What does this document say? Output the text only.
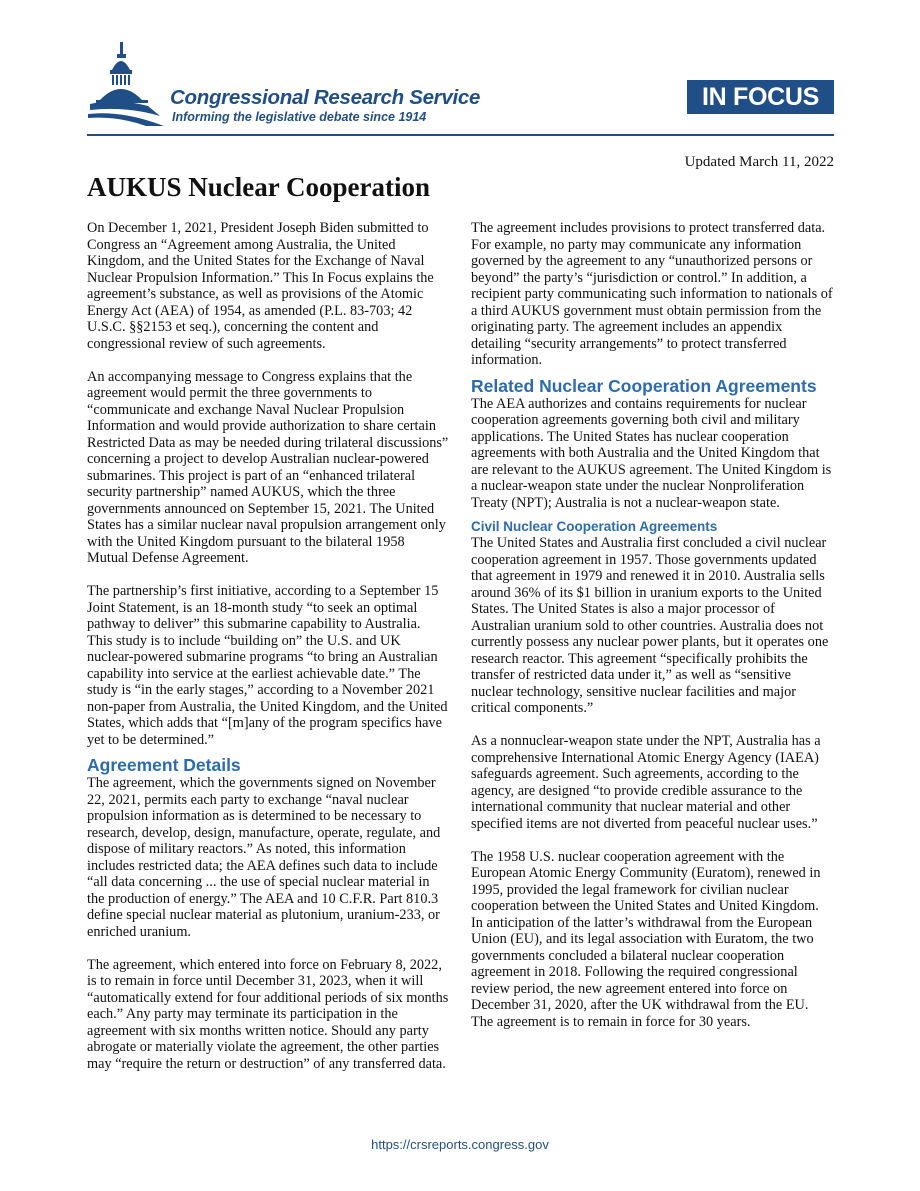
Congressional Research Service
Informing the legislative debate since 1914
IN FOCUS
Updated March 11, 2022
AUKUS Nuclear Cooperation

On December 1, 2021, President Joseph Biden submitted to Congress an “Agreement among Australia, the United Kingdom, and the United States for the Exchange of Naval Nuclear Propulsion Information.” This In Focus explains the agreement’s substance, as well as provisions of the Atomic Energy Act (AEA) of 1954, as amended (P.L. 83-703; 42 U.S.C. §§2153 et seq.), concerning the content and congressional review of such agreements.

An accompanying message to Congress explains that the agreement would permit the three governments to “communicate and exchange Naval Nuclear Propulsion Information and would provide authorization to share certain Restricted Data as may be needed during trilateral discussions” concerning a project to develop Australian nuclear-powered submarines. This project is part of an “enhanced trilateral security partnership” named AUKUS, which the three governments announced on September 15, 2021. The United States has a similar nuclear naval propulsion arrangement only with the United Kingdom pursuant to the bilateral 1958 Mutual Defense Agreement.

The partnership’s first initiative, according to a September 15 Joint Statement, is an 18-month study “to seek an optimal pathway to deliver” this submarine capability to Australia. This study is to include “building on” the U.S. and UK nuclear-powered submarine programs “to bring an Australian capability into service at the earliest achievable date.” The study is “in the early stages,” according to a November 2021 non-paper from Australia, the United Kingdom, and the United States, which adds that “[m]any of the program specifics have yet to be determined.”

Agreement Details

The agreement, which the governments signed on November 22, 2021, permits each party to exchange “naval nuclear propulsion information as is determined to be necessary to research, develop, design, manufacture, operate, regulate, and dispose of military reactors.” As noted, this information includes restricted data; the AEA defines such data to include “all data concerning ... the use of special nuclear material in the production of energy.” The AEA and 10 C.F.R. Part 810.3 define special nuclear material as plutonium, uranium-233, or enriched uranium.

The agreement, which entered into force on February 8, 2022, is to remain in force until December 31, 2023, when it will “automatically extend for four additional periods of six months each.” Any party may terminate its participation in the agreement with six months written notice. Should any party abrogate or materially violate the agreement, the other parties may “require the return or destruction” of any transferred data.

The agreement includes provisions to protect transferred data. For example, no party may communicate any information governed by the agreement to any “unauthorized persons or beyond” the party’s “jurisdiction or control.” In addition, a recipient party communicating such information to nationals of a third AUKUS government must obtain permission from the originating party. The agreement includes an appendix detailing “security arrangements” to protect transferred information.

Related Nuclear Cooperation Agreements

The AEA authorizes and contains requirements for nuclear cooperation agreements governing both civil and military applications. The United States has nuclear cooperation agreements with both Australia and the United Kingdom that are relevant to the AUKUS agreement. The United Kingdom is a nuclear-weapon state under the nuclear Nonproliferation Treaty (NPT); Australia is not a nuclear-weapon state.

Civil Nuclear Cooperation Agreements

The United States and Australia first concluded a civil nuclear cooperation agreement in 1957. Those governments updated that agreement in 1979 and renewed it in 2010. Australia sells around 36% of its $1 billion in uranium exports to the United States. The United States is also a major processor of Australian uranium sold to other countries. Australia does not currently possess any nuclear power plants, but it operates one research reactor. This agreement “specifically prohibits the transfer of restricted data under it,” as well as “sensitive nuclear technology, sensitive nuclear facilities and major critical components.”

As a nonnuclear-weapon state under the NPT, Australia has a comprehensive International Atomic Energy Agency (IAEA) safeguards agreement. Such agreements, according to the agency, are designed “to provide credible assurance to the international community that nuclear material and other specified items are not diverted from peaceful nuclear uses.”

The 1958 U.S. nuclear cooperation agreement with the European Atomic Energy Community (Euratom), renewed in 1995, provided the legal framework for civilian nuclear cooperation between the United States and United Kingdom. In anticipation of the latter’s withdrawal from the European Union (EU), and its legal association with Euratom, the two governments concluded a bilateral nuclear cooperation agreement in 2018. Following the required congressional review period, the new agreement entered into force on December 31, 2020, after the UK withdrawal from the EU. The agreement is to remain in force for 30 years.

https://crsreports.congress.gov
